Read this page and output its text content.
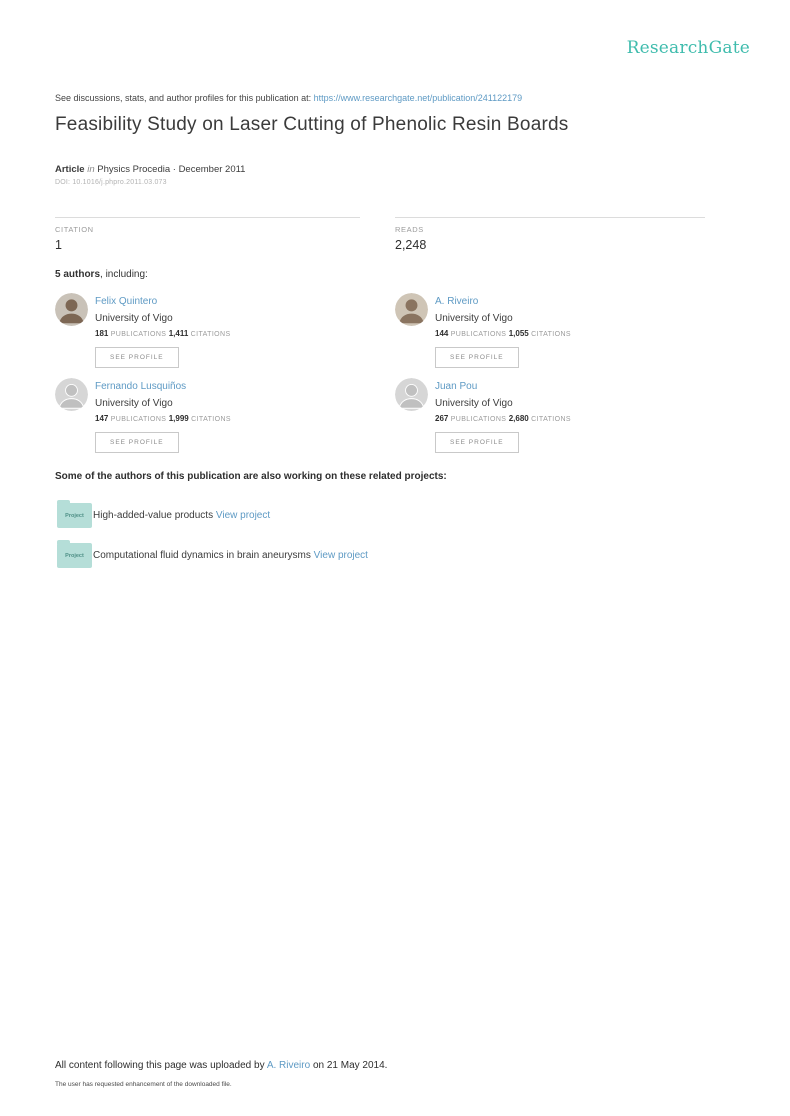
ResearchGate
See discussions, stats, and author profiles for this publication at: https://www.researchgate.net/publication/241122179
Feasibility Study on Laser Cutting of Phenolic Resin Boards
Article in Physics Procedia · December 2011
DOI: 10.1016/j.phpro.2011.03.073
CITATION
1
READS
2,248
5 authors, including:
Felix Quintero
University of Vigo
181 PUBLICATIONS 1,411 CITATIONS
SEE PROFILE
A. Riveiro
University of Vigo
144 PUBLICATIONS 1,055 CITATIONS
SEE PROFILE
Fernando Lusquiños
University of Vigo
147 PUBLICATIONS 1,999 CITATIONS
SEE PROFILE
Juan Pou
University of Vigo
267 PUBLICATIONS 2,680 CITATIONS
SEE PROFILE
Some of the authors of this publication are also working on these related projects:
Project High-added-value products View project
Project Computational fluid dynamics in brain aneurysms View project
All content following this page was uploaded by A. Riveiro on 21 May 2014.
The user has requested enhancement of the downloaded file.
